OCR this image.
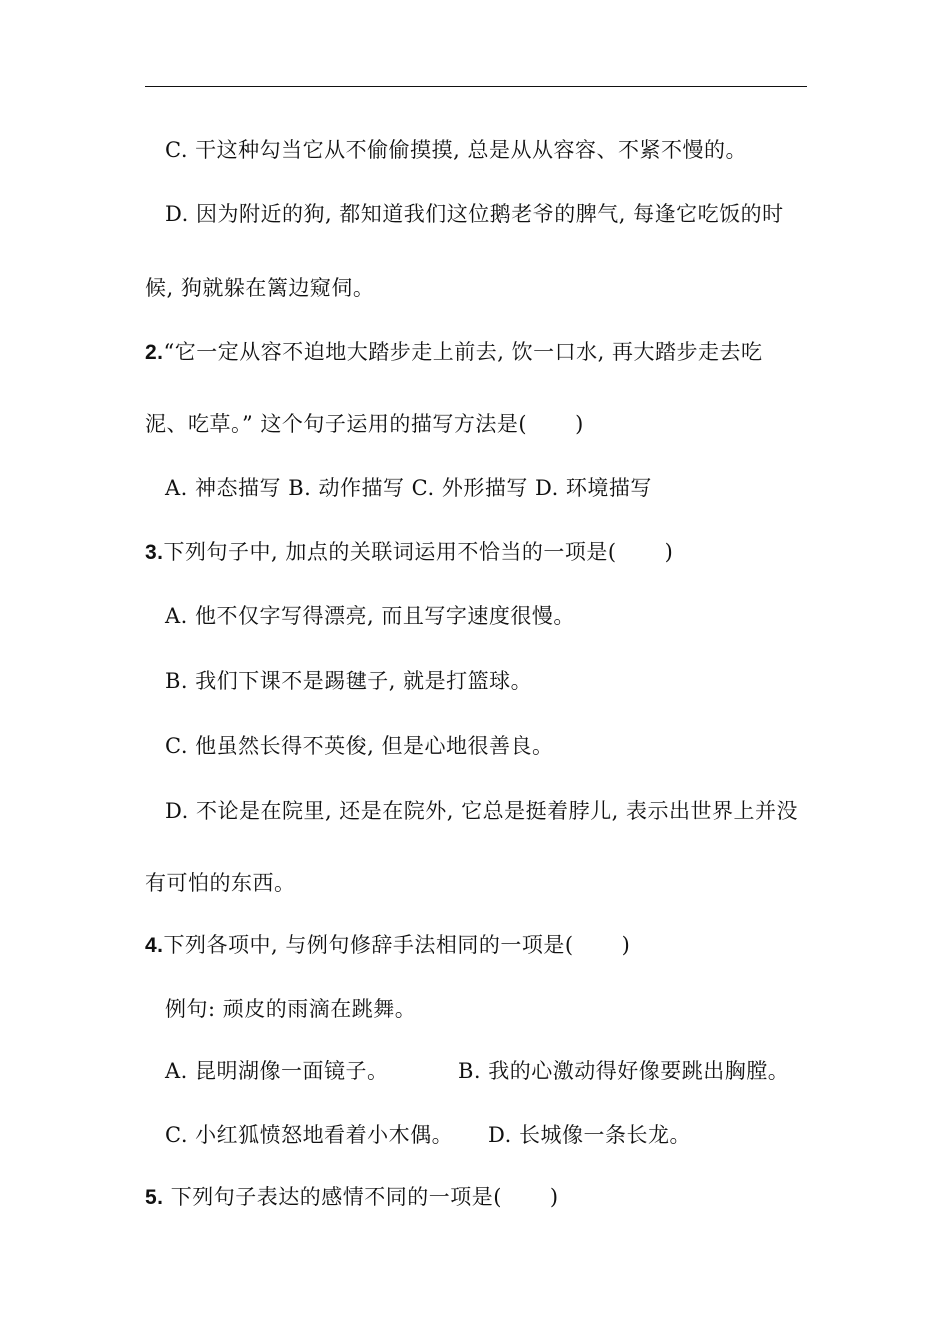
C. 干这种勾当它从不偷偷摸摸, 总是从从容容、不紧不慢的。
D. 因为附近的狗, 都知道我们这位鹅老爷的脾气, 每逢它吃饭的时
候, 狗就躲在篱边窥伺。
2.“它一定从容不迫地大踏步走上前去, 饮一口水, 再大踏步走去吃
泥、吃草。” 这个句子运用的描写方法是( )
A. 神态描写 B. 动作描写 C. 外形描写 D. 环境描写
3.下列句子中, 加点的关联词运用不恰当的一项是( )
A. 他不仅字写得漂亮, 而且写字速度很慢。
B. 我们下课不是踢毽子, 就是打篮球。
C. 他虽然长得不英俊, 但是心地很善良。
D. 不论是在院里, 还是在院外, 它总是挺着脖儿, 表示出世界上并没
有可怕的东西。
4.下列各项中, 与例句修辞手法相同的一项是( )
例句: 顽皮的雨滴在跳舞。
A. 昆明湖像一面镜子。	B. 我的心激动得好像要跳出胸膛。
C. 小红狐愤怒地看着小木偶。 D. 长城像一条长龙。
5. 下列句子表达的感情不同的一项是( )
